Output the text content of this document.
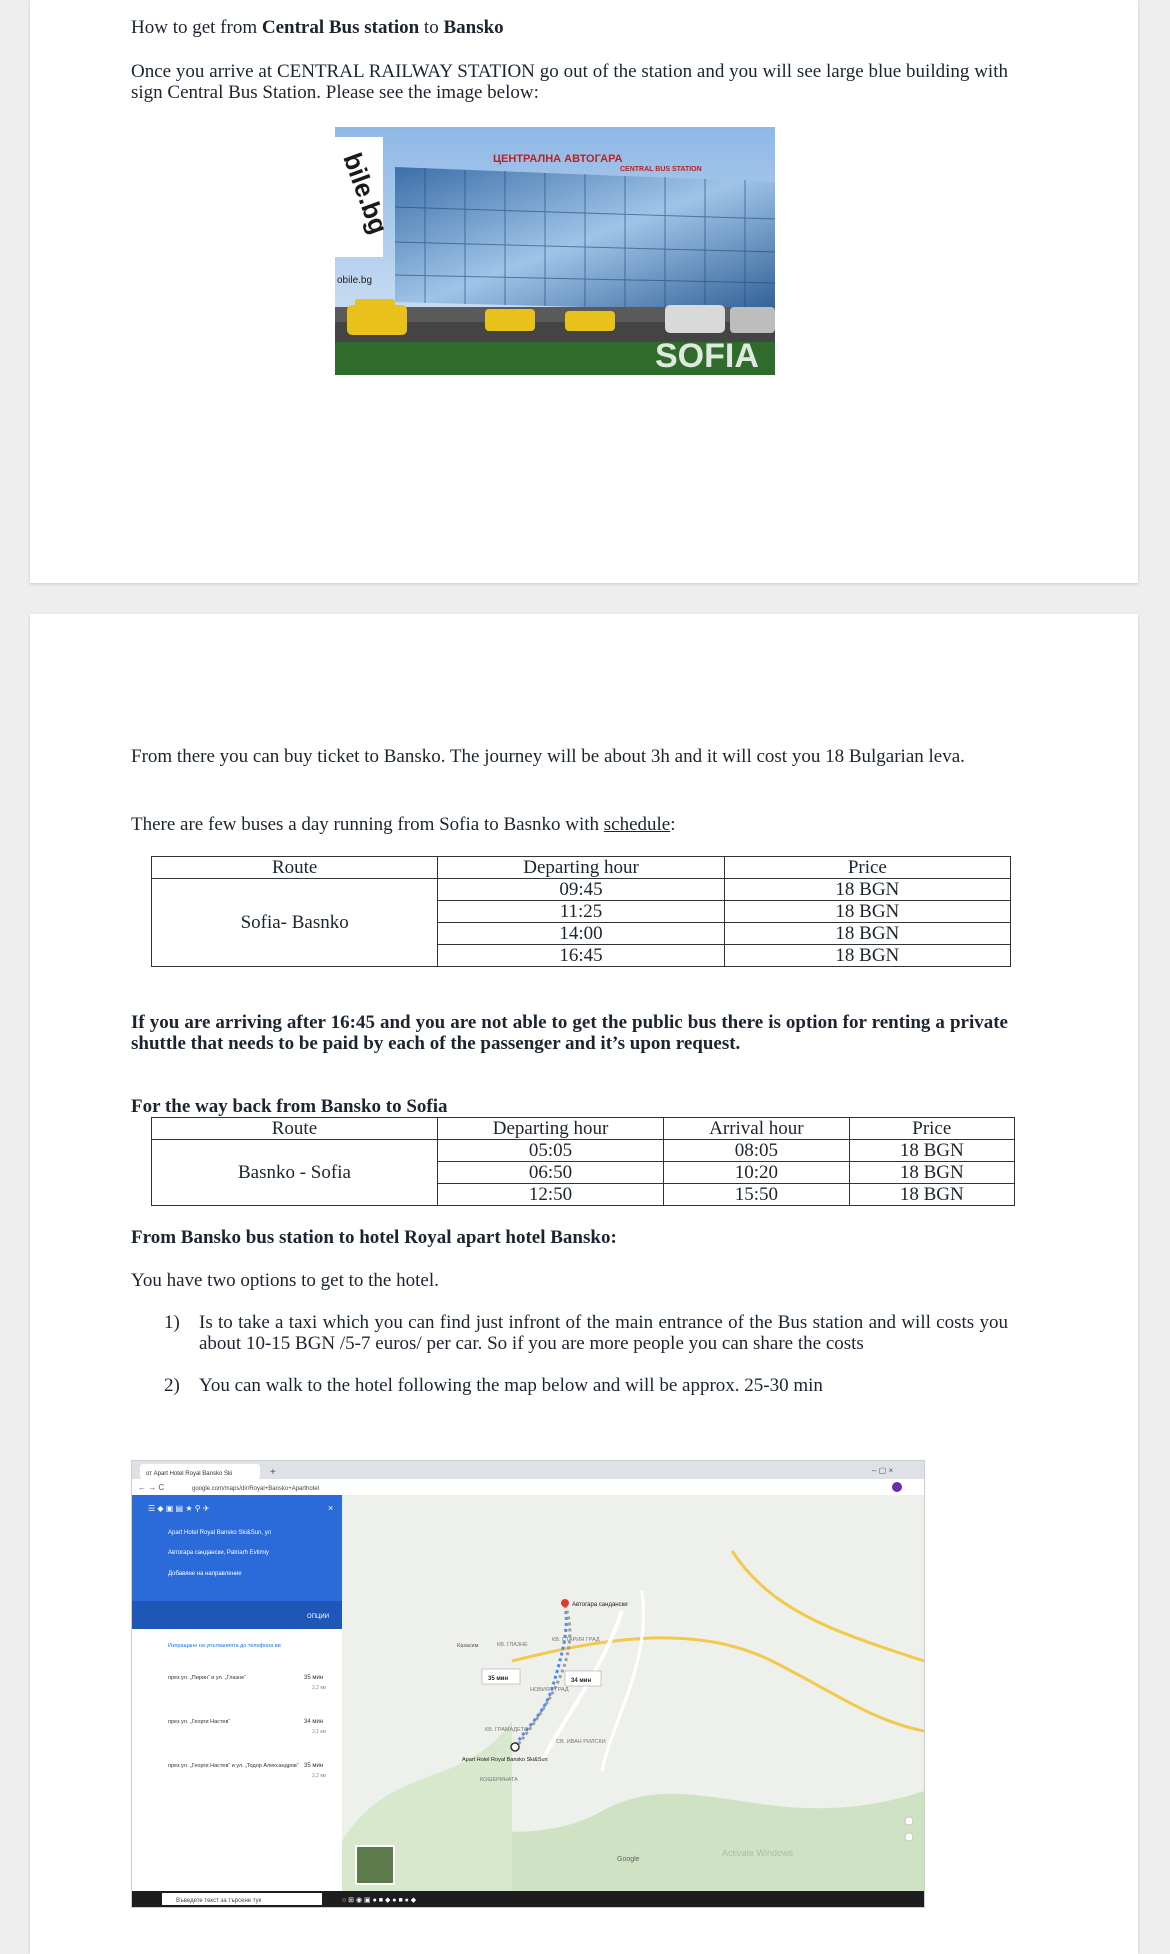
How to get from Central Bus station to Bansko

Once you arrive at CENTRAL RAILWAY STATION go out of the station and you will see large blue building with sign Central Bus Station. Please see the image below:

ЦЕНТРАЛНА АВТОГАРА
CENTRAL BUS STATION
bile.bg
obile.bg
SOFIA

From there you can buy ticket to Bansko. The journey will be about 3h and it will cost you 18 Bulgarian leva.

There are few buses a day running from Sofia to Basnko with schedule:

Route	Departing hour	Price
Sofia- Basnko	09:45	18 BGN
	11:25	18 BGN
	14:00	18 BGN
	16:45	18 BGN

If you are arriving after 16:45 and you are not able to get the public bus there is option for renting a private shuttle that needs to be paid by each of the passenger and it’s upon request.

For the way back from Bansko to Sofia

Route	Departing hour	Arrival hour	Price
Basnko - Sofia	05:05	08:05	18 BGN
	06:50	10:20	18 BGN
	12:50	15:50	18 BGN

From Bansko bus station to hotel Royal apart hotel Bansko:

You have two options to get to the hotel.

1) Is to take a taxi which you can find just infront of the main entrance of the Bus station and will costs you about 10-15 BGN /5-7 euros/ per car. So if you are more people you can share the costs
2) You can walk to the hotel following the map below and will be approx. 25-30 min
от Apart Hotel Royal Bansko Ski	+	– ▢ ×
← → C	google.com/maps/dir/Royal+Bansko+Aparthotel
☰ ◆ ▣ ▤ ★ ⚲ ✈	×
Apart Hotel Royal Bansko Ski&Sun, ул
Автогара сандански, Patriarh Evtimiy
Добавяне на направление
ОПЦИИ
Изпращане на упътванията до телефона ви
през ул. „Пирин“ и ул. „Глазне“	35 мин
3,2 км
през ул. „Георги Настев“	34 мин
3,1 км
през ул. „Георги Настев“ и ул. „Тодор Александров“ 35 мин
3,2 км
Автогара сандански
Apart Hotel Royal Bansko Ski&Sun
КВ. СТАРИЯ ГРАД
КВ. ГЛАЗНЕ
НОВИЯТ ГРАД
КВ. ГРАМАДЕТО
СВ. ИВАН РИЛСКИ
КОШЕРИНАТА
Казасим
35 мин	34 мин
Google
Activate Windows
Въведете текст за търсене тук	○ ⊞ ◉ ▣ ● ■ ◆ ● ■ ● ◆
